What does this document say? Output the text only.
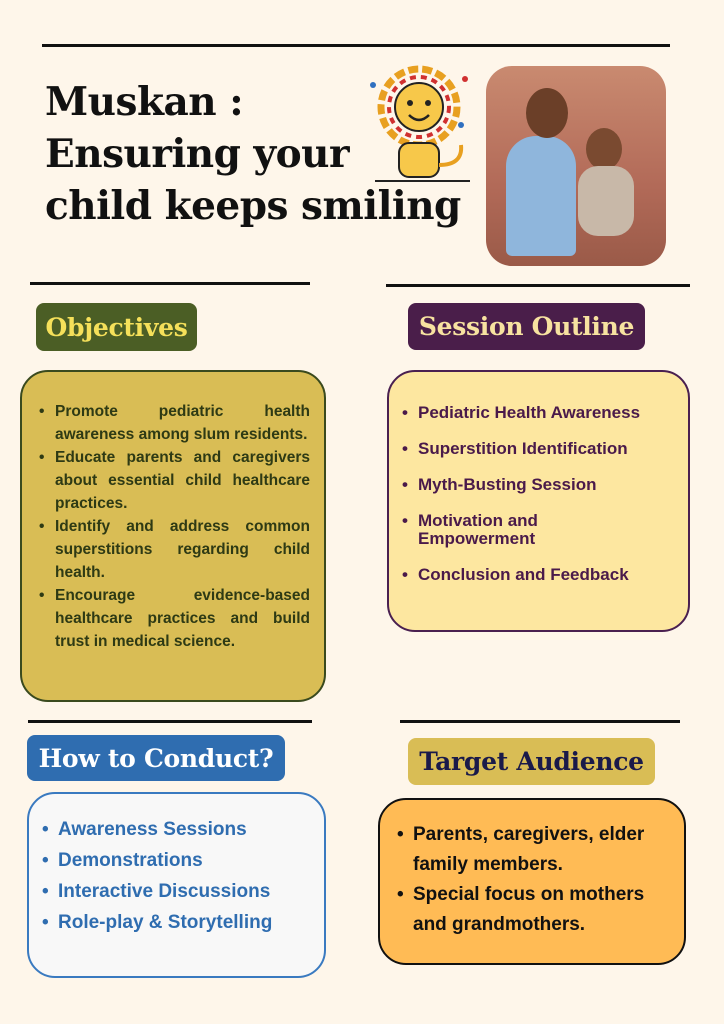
Muskan :
Ensuring your
child keeps smiling
Objectives
• Promote pediatric health awareness among slum residents.
• Educate parents and caregivers about essential child healthcare practices.
• Identify and address common superstitions regarding child health.
• Encourage evidence-based healthcare practices and build trust in medical science.
Session Outline
• Pediatric Health Awareness
• Superstition Identification
• Myth-Busting Session
• Motivation and Empowerment
• Conclusion and Feedback
How to Conduct?
• Awareness Sessions
• Demonstrations
• Interactive Discussions
• Role-play & Storytelling
Target Audience
• Parents, caregivers, elder family members.
• Special focus on mothers and grandmothers.
